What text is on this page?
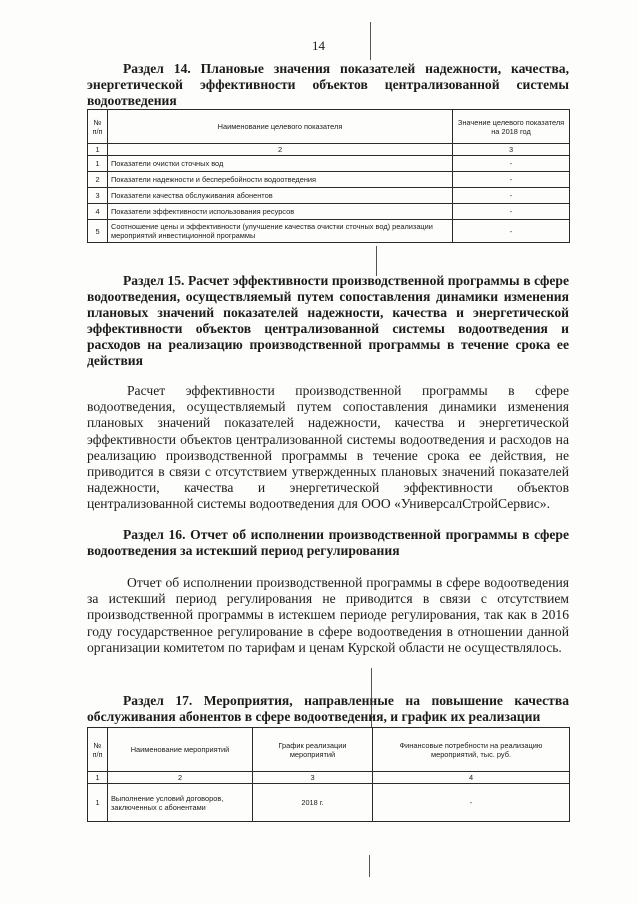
14
Раздел 14. Плановые значения показателей надежности, качества, энергетической эффективности объектов централизованной системы водоотведения
№ п/п	Наименование целевого показателя	Значение целевого показателя на 2018 год
1	2	3
1	Показатели очистки сточных вод	-
2	Показатели надежности и бесперебойности водоотведения	-
3	Показатели качества обслуживания абонентов	-
4	Показатели эффективности использования ресурсов	-
5	Соотношение цены и эффективности (улучшение качества очистки сточных вод) реализации мероприятий инвестиционной программы	-
Раздел 15. Расчет эффективности производственной программы в сфере водоотведения, осуществляемый путем сопоставления динамики изменения плановых значений показателей надежности, качества и энергетической эффективности объектов централизованной системы водоотведения и расходов на реализацию производственной программы в течение срока ее действия
Расчет эффективности производственной программы в сфере водоотведения, осуществляемый путем сопоставления динамики изменения плановых значений показателей надежности, качества и энергетической эффективности объектов централизованной системы водоотведения и расходов на реализацию производственной программы в течение срока ее действия, не приводится в связи с отсутствием утвержденных плановых значений показателей надежности, качества и энергетической эффективности объектов централизованной системы водоотведения для ООО «УниверсалСтройСервис».
Раздел 16. Отчет об исполнении производственной программы в сфере водоотведения за истекший период регулирования
Отчет об исполнении производственной программы в сфере водоотведения за истекший период регулирования не приводится в связи с отсутствием производственной программы в истекшем периоде регулирования, так как в 2016 году государственное регулирование в сфере водоотведения в отношении данной организации комитетом по тарифам и ценам Курской области не осуществлялось.
Раздел 17. Мероприятия, направленные на повышение качества обслуживания абонентов в сфере водоотведения, и график их реализации
№ п/п	Наименование мероприятий	График реализации мероприятий	Финансовые потребности на реализацию мероприятий, тыс. руб.
1	2	3	4
1	Выполнение условий договоров, заключенных с абонентами	2018 г.	-
